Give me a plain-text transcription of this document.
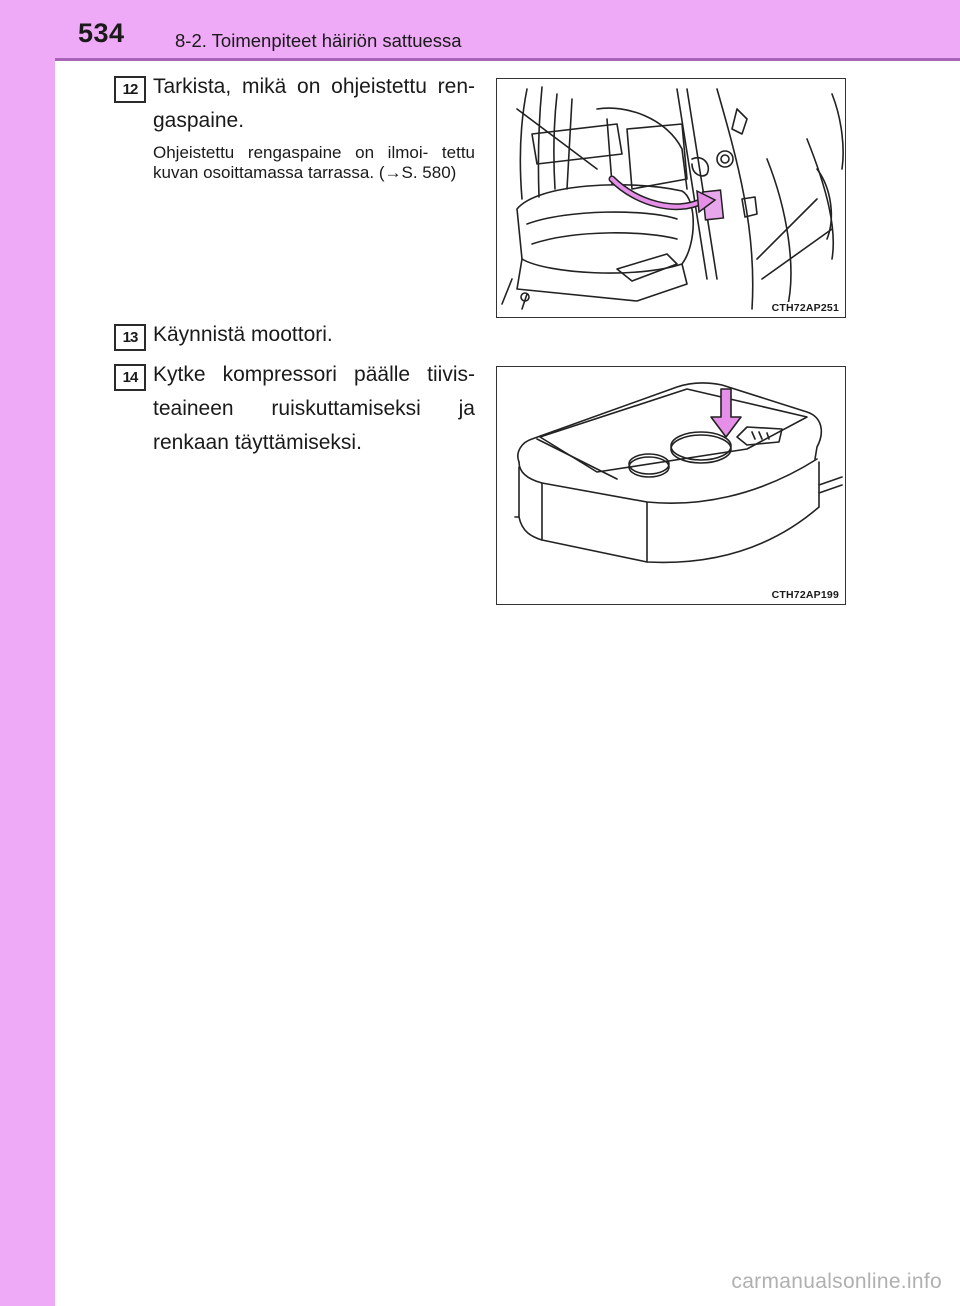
534	8-2. Toimenpiteet häiriön sattuessa
12 Tarkista, mikä on ohjeistettu ren- gaspaine.
Ohjeistettu rengaspaine on ilmoi- tettu kuvan osoittamassa tarrassa. (→S. 580)
CTH72AP251
13 Käynnistä moottori.
14 Kytke kompressori päälle tiivis- teaineen ruiskuttamiseksi ja renkaan täyttämiseksi.
CTH72AP199
carmanualsonline.info
